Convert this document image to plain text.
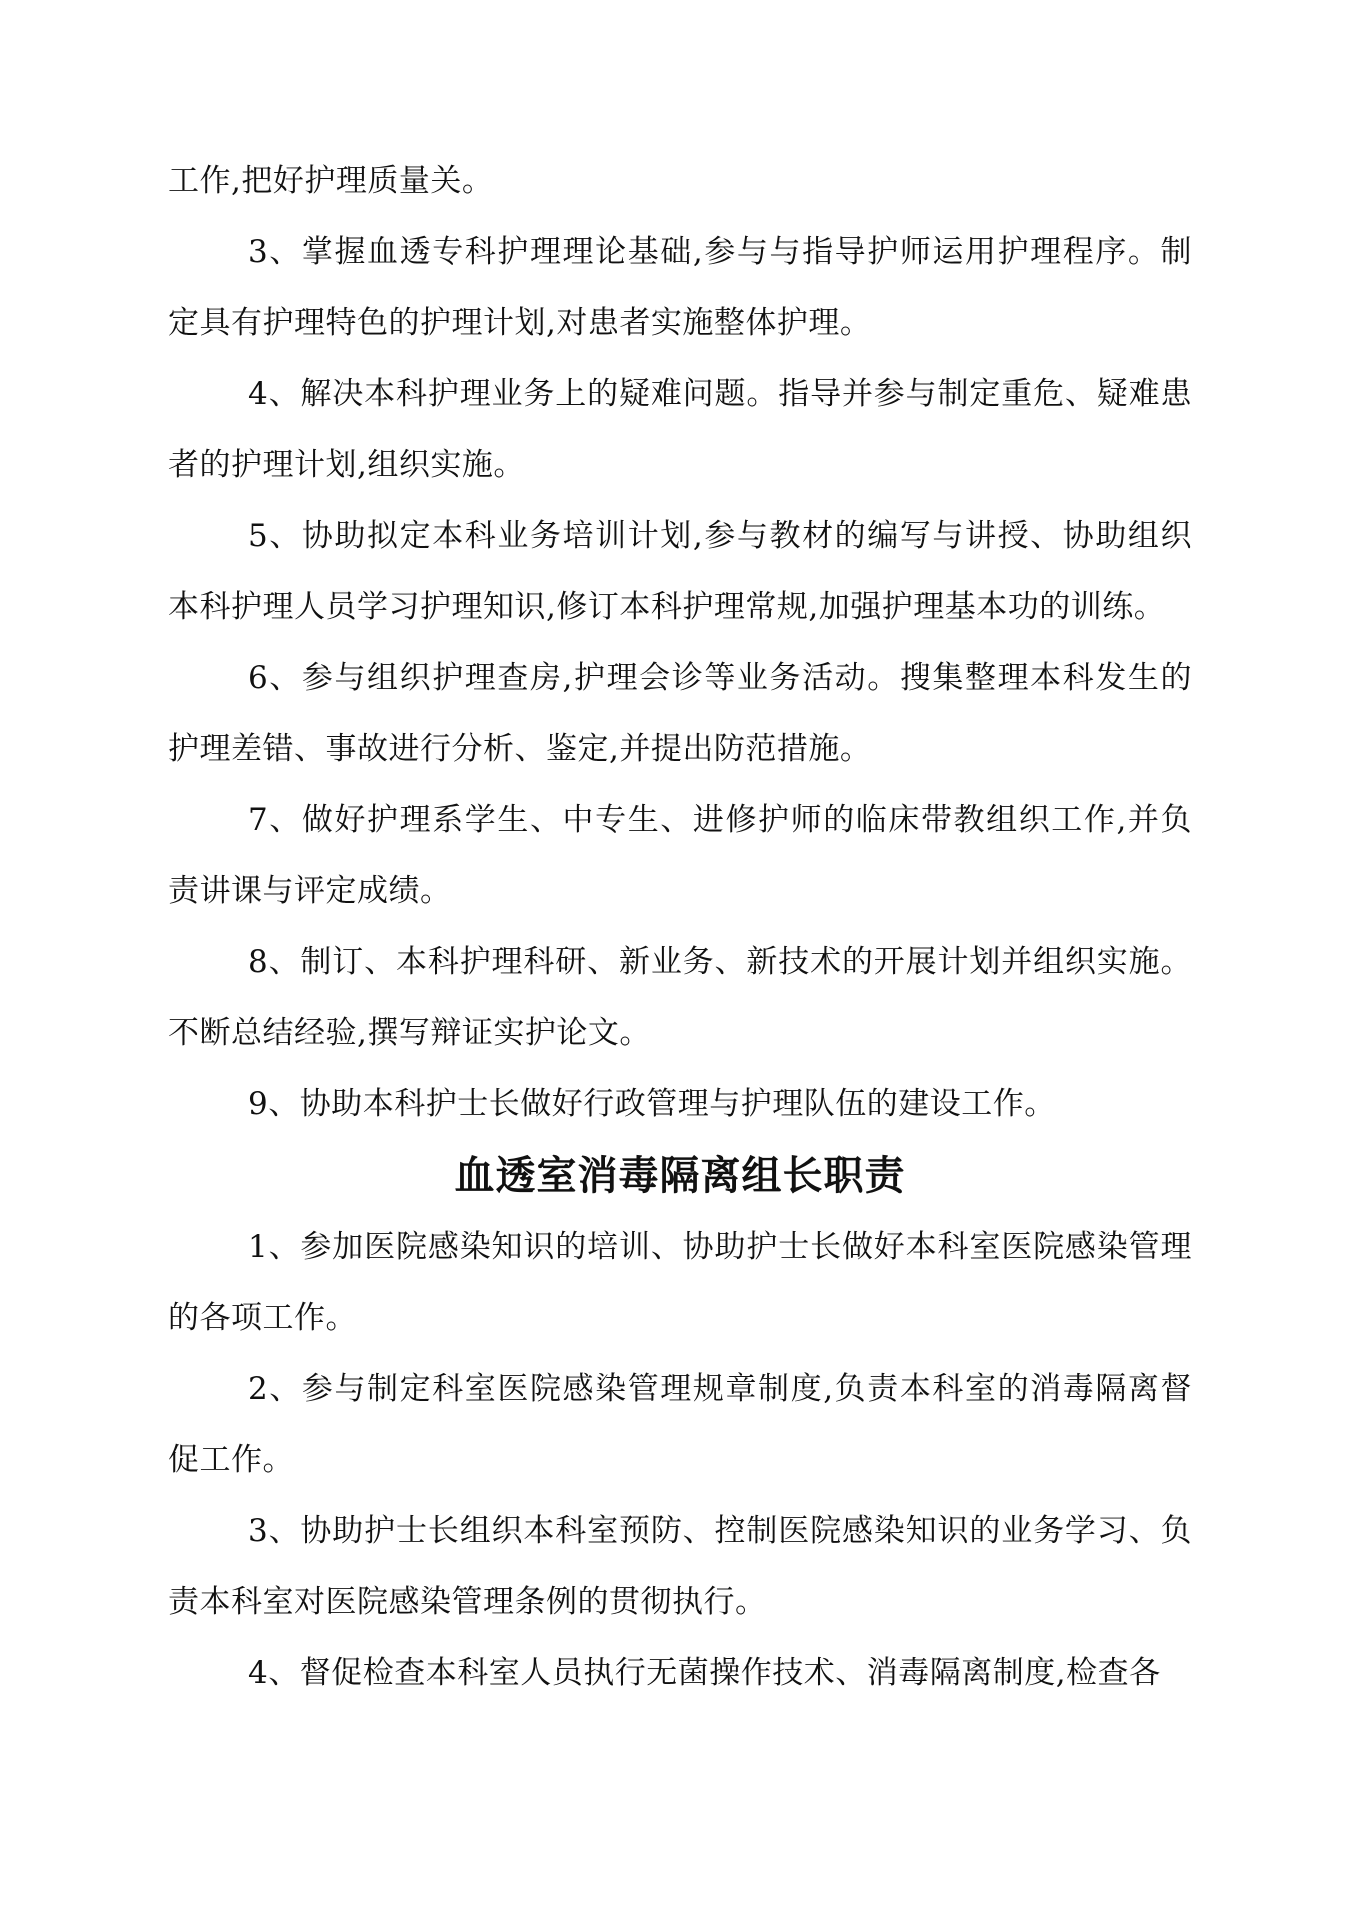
工作,把好护理质量关。

3、掌握血透专科护理理论基础,参与与指导护师运用护理程序。制定具有护理特色的护理计划,对患者实施整体护理。

4、解决本科护理业务上的疑难问题。指导并参与制定重危、疑难患者的护理计划,组织实施。

5、协助拟定本科业务培训计划,参与教材的编写与讲授、协助组织本科护理人员学习护理知识,修订本科护理常规,加强护理基本功的训练。

6、参与组织护理查房,护理会诊等业务活动。搜集整理本科发生的护理差错、事故进行分析、鉴定,并提出防范措施。

7、做好护理系学生、中专生、进修护师的临床带教组织工作,并负责讲课与评定成绩。

8、制订、本科护理科研、新业务、新技术的开展计划并组织实施。不断总结经验,撰写辩证实护论文。

9、协助本科护士长做好行政管理与护理队伍的建设工作。

血透室消毒隔离组长职责

1、参加医院感染知识的培训、协助护士长做好本科室医院感染管理的各项工作。

2、参与制定科室医院感染管理规章制度,负责本科室的消毒隔离督促工作。

3、协助护士长组织本科室预防、控制医院感染知识的业务学习、负责本科室对医院感染管理条例的贯彻执行。

4、督促检查本科室人员执行无菌操作技术、消毒隔离制度,检查各
